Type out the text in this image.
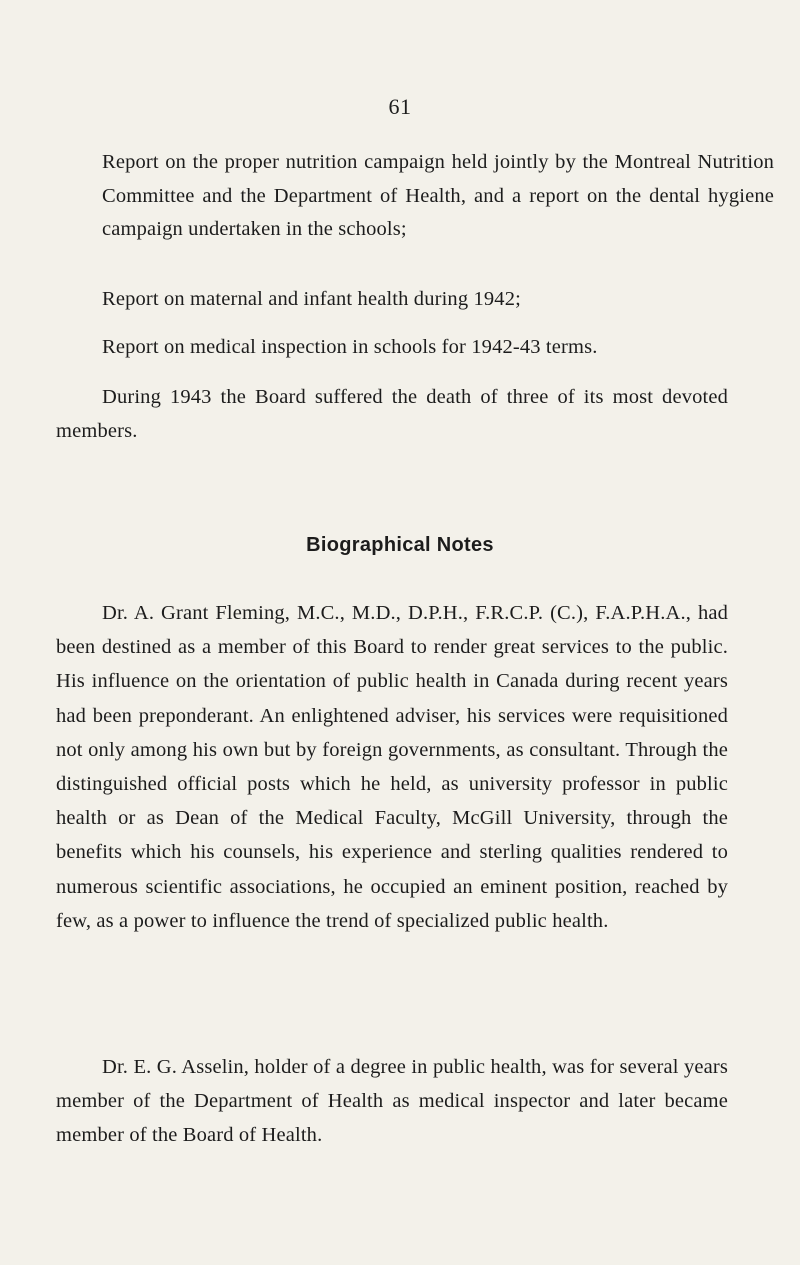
61

Report on the proper nutrition campaign held jointly by the Montreal Nutrition Committee and the Department of Health, and a report on the dental hygiene campaign undertaken in the schools;

Report on maternal and infant health during 1942;

Report on medical inspection in schools for 1942-43 terms.

During 1943 the Board suffered the death of three of its most devoted members.

Biographical Notes

Dr. A. Grant Fleming, M.C., M.D., D.P.H., F.R.C.P. (C.), F.A.P.H.A., had been destined as a member of this Board to render great services to the public. His influence on the orientation of public health in Canada during recent years had been preponderant. An enlightened adviser, his services were requisitioned not only among his own but by foreign governments, as consultant. Through the distinguished official posts which he held, as university professor in public health or as Dean of the Medical Faculty, McGill University, through the benefits which his counsels, his experience and sterling qualities rendered to numerous scientific associations, he occupied an eminent position, reached by few, as a power to influence the trend of specialized public health.

Dr. E. G. Asselin, holder of a degree in public health, was for several years member of the Department of Health as medical inspector and later became member of the Board of Health.
